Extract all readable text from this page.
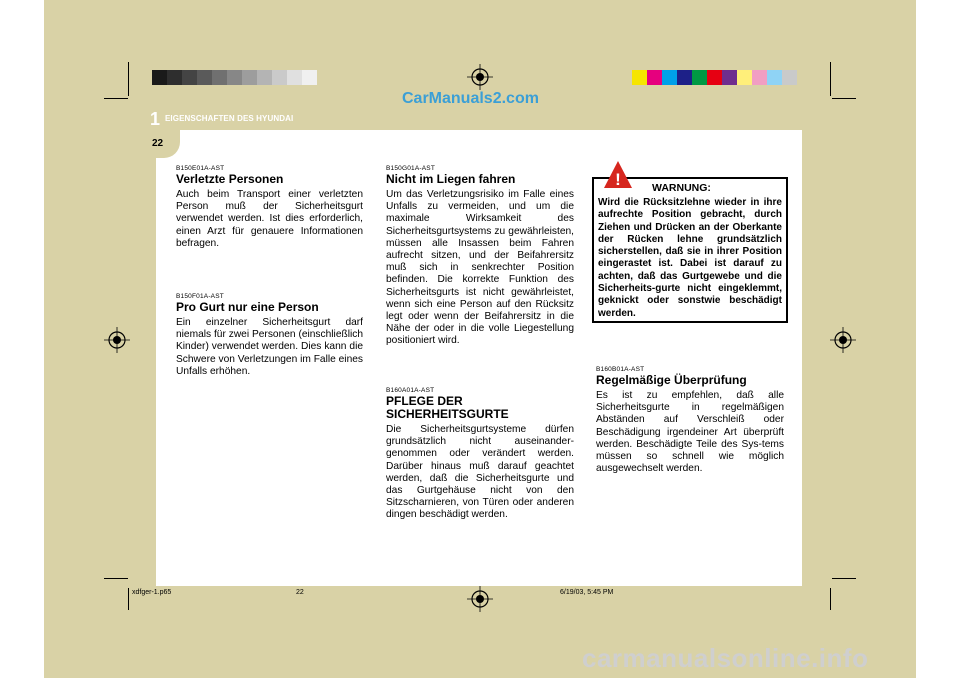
22
1 EIGENSCHAFTEN DES HYUNDAI
CarManuals2.com
B150E01A-AST
Verletzte Personen

Auch beim Transport einer verletzten Person muß der Sicherheitsgurt verwendet werden. Ist dies erforderlich, einen Arzt für genauere Informationen befragen.

B150F01A-AST
Pro Gurt nur eine Person

Ein einzelner Sicherheitsgurt darf niemals für zwei Personen (einschließlich Kinder) verwendet werden. Dies kann die Schwere von Verletzungen im Falle eines Unfalls erhöhen.

B150G01A-AST
Nicht im Liegen fahren

Um das Verletzungsrisiko im Falle eines Unfalls zu vermeiden, und um die maximale Wirksamkeit des Sicherheitsgurtsystems zu gewährleisten, müssen alle Insassen beim Fahren aufrecht sitzen, und der Beifahrersitz muß sich in senkrechter Position befinden. Die korrekte Funktion des Sicherheitsgurts ist nicht gewährleistet, wenn sich eine Person auf den Rücksitz legt oder wenn der Beifahrersitz in die Nähe der oder in die volle Liegestellung positioniert wird.

B160A01A-AST
PFLEGE DER SICHERHEITSGURTE

Die Sicherheitsgurtsysteme dürfen grundsätzlich nicht auseinander-genommen oder verändert werden. Darüber hinaus muß darauf geachtet werden, daß die Sicherheitsgurte und das Gurtgehäuse nicht von den Sitzscharnieren, von Türen oder anderen dingen beschädigt werden.

WARNUNG:
Wird die Rücksitzlehne wieder in ihre aufrechte Position gebracht, durch Ziehen und Drücken an der Oberkante der Rücken lehne grundsätzlich sicherstellen, daß sie in ihrer Position eingerastet ist. Dabei ist darauf zu achten, daß das Gurtgewebe und die Sicherheits-gurte nicht eingeklemmt, geknickt oder sonstwie beschädigt werden.
!
B160B01A-AST
Regelmäßige Überprüfung

Es ist zu empfehlen, daß alle Sicherheitsgurte in regelmäßigen Abständen auf Verschleiß oder Beschädigung irgendeiner Art überprüft werden. Beschädigte Teile des Sys-tems müssen so schnell wie möglich ausgewechselt werden.

xdfger-1.p65	22	6/19/03, 5:45 PM
carmanualsonline.info
